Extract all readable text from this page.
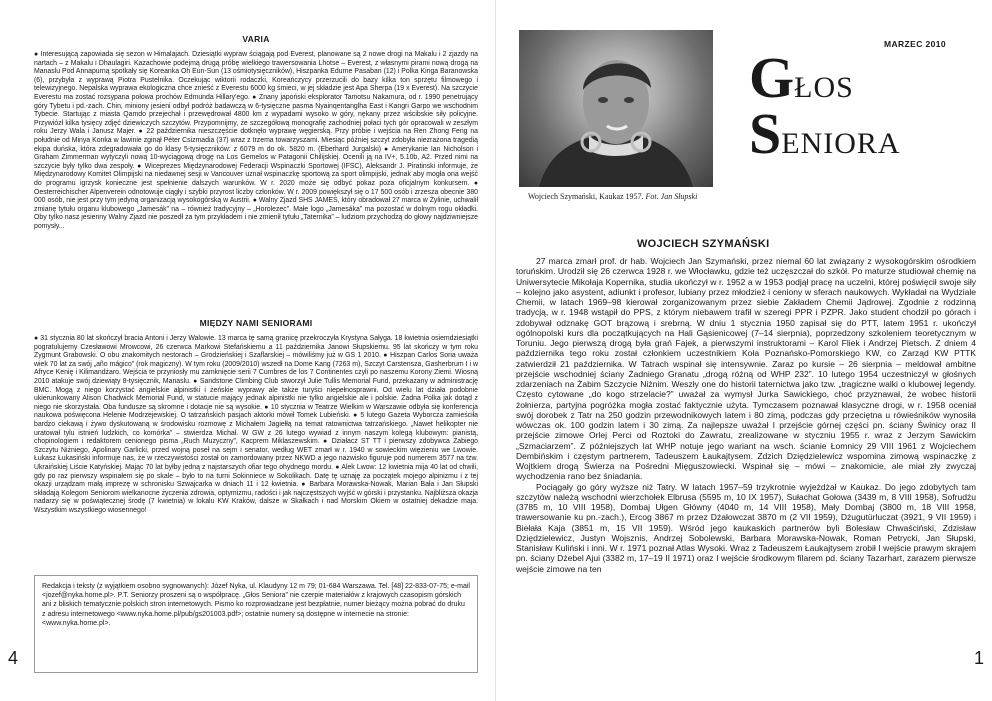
VARIA

● Interesującą zapowiada się sezon w Himalajach. Dziesiątki wypraw ściągają pod Everest, planowane są 2 nowe drogi na Makalu i 2 zjazdy na nartach – z Makalu i Dhaulagiri. Kazachowie podejmą drugą próbę wielkiego trawersowania Lhotse – Everest, z własnymi pirami nową drogą na Manaslu Pod Annapurną spotkały się Koreanka Oh Eun-Sun (13 ośmiotysięczników), Hiszpanka Edurne Pasaban (12) i Polka Kinga Baranowska (6), przybyła z wyprawą Piotra Pustelnika. Oczekując wiktorii rodaczki, Koreańczycy przerzucili do bazy kilka ton sprzętu filmowego i telewizyjnego. Nepalska wyprawa ekologiczna chce znieść z Everestu 6000 kg śmieci, w jej składzie jest Apa Sherpa (19 x Everest). Na szczycie Everestu ma zostać rozsypana połowa prochów Edmunda Hillary'ego. ● Znany japoński eksplorator Tamotsu Nakamura, od r. 1990 penetrujący góry Tybetu i pd.-zach. Chin, miniony jesieni odbył podróż badawczą w 6-tysięczne pasma Nyainqentanglha East i Kangri Garpo we wschodnim Tybecie. Startując z miasta Qamdo przejechał i przewędrował 4800 km z wypadami wysoko w góry, nękany przez wścibskie siły policyjne. Przywiózł kilka tysięcy zdjęć dziewiczych szczytów. Przypomnijmy, że szczegółową monografię zachodniej połaci tych gór opracowali w zeszłym roku Jerzy Wala i Janusz Majer. ● 22 października nieszczęście dotknęło wyprawę węgierską. Przy próbie i wejścia na Ren Zhong Feng na południe od Minya Konka w lawinie zginął Péter Csizmadia (37) wraz z trzema towarzyszami. Miesiąc później szczyt zdobyła niezrażona tragedią ekipa duńska, która zdegradowała go do klasy 5-tysięczników: z 6079 m do ok. 5820 m. (Eberhard Jurgalski) ● Amerykanie Ian Nicholson i Graham Zimmerman wytyczyli nową 10-wyciągową drogę na Los Gemelos w Patagonii Chilijskiej. Ocenili ją na IV+, 5.10b, A2. Przed nimi na szczycie były tylko dwa zespoły. ● Wiceprezes Międzynarodowej Federacji Wspinaczki Sportowej (IFSC), Aleksandr J. Piratinski informuje, że Międzynarodowy Komitet Olimpijski na niedawnej sesji w Vancouver uznał wspinaczkę sportową za sport olimpijski, jednak aby mogła ona wejść do programu igrzysk konieczne jest spełnienie dalszych warunków. W r. 2020 może się odbyć pokaz poza oficjalnym konkursem. ● Oesterreichischer Alpenverein odnotowuje ciągły i szybki przyrost liczby członków. W r. 2009 powiększył się o 17 500 osób i zrzesza obecnie 380 000 osób, nie jest przy tym jedyną organizacją wysokogórską w Austrii. ● Walny Zjazd SHS JAMES, który obradował 27 marca w Żylinie, uchwalił zmianę tytułu organu klubowego „Jamesák” na – również tradycyjny – „Horolezec”. Małe logo „Jamesáka” ma pozostać w dolnym rogu okładki. Oby tylko nasz jesienny Walny Zjazd nie poszedł za tym przykładem i nie zmienił tytułu „Taternika” – ludziom przychodzą do głowy najdziwniejsze pomysły...

MIĘDZY NAMI SENIORAMI

● 31 stycznia 80 lat skończył bracia Antoni i Jerzy Walowie. 13 marca tę samą granicę przekroczyła Krystyna Sałyga. 18 kwietnia osiemdziesiątki pogratulujemy Czesławowi Mrowcowi, 26 czerwca Markowi Stefańskiemu a 11 października Janowi Słupskiemu. 95 lat skończy w tym roku Zygmunt Grabowski. O obu znakomitych nestorach – Grodzieńskiej i Szaflarskiej – mówiliśmy już w GS 1 2010. ● Hiszpan Carlos Soria uważa wiek 70 lat za swój „año mágico” (rok magiczny). W tym roku (2009/2010) wszedł na Dome Kang (7263 m), Szczyt Carstensza, Gasherbrum I i w Afryce Kenię i Kilimandżaro. Wejścia te przyniosły mu zamknięcie serii 7 Cumbres de los 7 Continentes czyli po naszemu Korony Ziemi. Wiosną 2010 atakuje swój dziewiąty 8-tysięcznik, Manaslu. ● Sandstone Climbing Club stworzył Julie Tullis Memorial Fund, przekazany w administrację BMC. Mogą z niego korzystać angielskie alpinistki i żeńskie wyprawy ale także turyści niepełnosprawni. Od wielu lat działa podobnie ukierunkowany Alison Chadwick Memorial Fund, w statucie mający jednak alpinistki nie tylko angielskie ale i polskie. Żadna Polka jak dotąd z niego nie skorzystała. Oba fundusze są skromne i dotacje nie są wysokie. ● 10 stycznia w Teatrze Wielkim w Warszawie odbyła się konferencja naukowa poświęcona Helenie Modrzejewskiej. O tatrzańskich pasjach aktorki mówił Tomek Lubieński. ● 5 lutego Gazeta Wyborcza zamieściła bardzo ciekawą i żywo dyskutowaną w środowisku rozmowę z Michałem Jagiełłą na temat ratownictwa tatrzańskiego. „Nawet helikopter nie uratował tylu istnień ludzkich, co komórka” – stwierdza Michał. W GW z 26 lutego wywiad z innym naszym kolegą klubowym: pianistą, chopinologiem i redaktorem cenionego pisma „Ruch Muzyczny”, Kacprem Miklaszewskim. ● Działacz ST TT i pierwszy zdobywca Żabiego Szczytu Niżniego, Apolinary Garlicki, przed wojną poseł na sejm i senator, według WET zmarł w r. 1940 w sowieckim więzieniu we Lwowie. Łukasz Łukasiński informuje nas, że w rzeczywistości został on zamordowany przez NKWD a jego nazwisko figuruje pod numerem 3577 na tzw. Ukraińskiej Liście Katyńskiej. Mając 70 lat byłby jedną z najstarszych ofiar tego ohydnego mordu. ● Alek Lwow: 12 kwietnia mija 40 lat od chwili, gdy po raz pierwszy wspinałem się po skale – było to na turni Sokinniece w Sokolikach. Datę tę uznaję za początek mojego alpinizmu i z tej okazji urządzam małą imprezę w schronisku Szwajcarka w dniach 11 i 12 kwietnia. ● Barbara Morawska-Nowak, Marian Bała i Jan Słupski składają Kolegom Seniorom wielkanocne życzenia zdrowia, optymizmu, radości i jak najczęstszych wyjść w górski i przystanku. Najbliższa okazja nadarzy się w poświątecznej środę (7 kwietnia) w lokalu KW Kraków, dalsze w Skałkach i nad Morskim Okiem w ostatniej dekadzie maja. Wszystkim wszystkiego wiosennego!

Redakcja i teksty (z wyjątkiem osobno sygnowanych): Józef Nyka, ul. Klaudyny 12 m 79; 01-684 Warszawa. Tel. [48] 22-833-07-75; e-mail <jozef@nyka.home.pl>. P.T. Seniorzy proszeni są o współpracę. „Głos Seniora” nie czerpie materiałów z krajowych czasopism górskich ani z bliskich tematycznie polskich stron internetowych. Pismo ko rozprowadzane jest bezpłatnie, numer bieżący można pobrać do druku z adresu internetowego <www.nyka.home.pl/pub/gs201003.pdf>; ostatnie numery są dostępne w internecie na stronie: <www.nyka.home.pl>.

4
Wojciech Szymański, Kaukaz 1957. Fot. Jan Słupski
MARZEC 2010
GŁOS
SENIORA
WOJCIECH SZYMAŃSKI

27 marca zmarł prof. dr hab. Wojciech Jan Szymański, przez niemal 60 lat związany z wysokogórskim ośrodkiem toruńskim. Urodził się 26 czerwca 1928 r. we Włocławku, gdzie też uczęszczał do szkół. Po maturze studiował chemię na Uniwersytecie Mikołaja Kopernika, studia ukończył w r. 1952 a w 1953 podjął pracę na uczelni, której poświęcił swoje siły – kolejno jako asystent, adiunkt i profesor, lubiany przez młodzież i ceniony w sferach naukowych. Wykładał na Wydziale Chemii, w latach 1969–98 kierował zorganizowanym przez siebie Zakładem Chemii Jądrowej. Zgodnie z rodzinną tradycją, w r. 1948 wstąpił do PPS, z którym niebawem trafił w szeregi PPR i PZPR. Jako student chodził po górach i zdobywał odznakę GOT brązową i srebrną. W dniu 1 stycznia 1950 zapisał się do PTT, latem 1951 r. ukończył ogólnopolski kurs dla początkujących na Hali Gąsienicowej (7–14 sierpnia), poprzedzony szkoleniem teoretycznym w Toruniu. Jego pierwszą drogą była grań Fajek, a pierwszymi instruktorami – Karol Fliek i Andrzej Pietsch. Z dniem 4 października tego roku został członkiem uczestnikiem Koła Poznańsko-Pomorskiego KW, co Zarząd KW PTTK zatwierdził 21 października. W Tatrach wspinał się intensywnie. Zaraz po kursie – 26 sierpnia – meldował ambitne przejście wschodniej ściany Żadniego Granatu „drogą różną od WHP 232”. 10 lutego 1954 uczestniczył w głośnych zdarzeniach na Żabim Szczycie Niżnim. Weszły one do historii taternictwa jako tzw. „tragiczne walki o klubowej legendy. Często cytowane „do kogo strzelacie?” uważał za wymysł Jurka Sawickiego, choć przyznawał, że wobec historii żołnierza, partyjna pogróżka mogła zostać faktycznie użyta. Tymczasem poznawał klasyczne drogi, w r. 1958 oceniał swój dorobek z Tatr na 250 godzin przewodnikowych latem i 80 zimą, podczas gdy przeciętna u rówieśników wynosiła wówczas ok. 100 godzin latem i 30 zimą. Za najlepsze uważał I przejście górnej części pn. ściany Świnicy oraz II przejście zimowe Orlej Perci od Roztoki do Zawratu, zrealizowane w styczniu 1955 r. wraz z Jerzym Sawickim „Szmaciarzem”. Z późniejszych lat WHP notuje jego wariant na wsch. ścianie Łomnicy 29 VIII 1961 z Wojciechem Dembińskim i częstym partnerem, Tadeuszem Łaukajtysem. Zdzich Dziędzielewicz wspomina zimową wspinaczkę z Wojtkiem drogą Świerza na Pośredni Mięguszowiecki. Wspinał się – mówi – znakomicie, ale miał zły zwyczaj wychodzenia rano bez śniadania.

Pociągały go góry wyższe niż Tatry. W latach 1957–59 trzykrotnie wyjeżdżał w Kaukaz. Do jego zdobytych tam szczytów należą wschodni wierzchołek Elbrusa (5595 m, 10 IX 1957), Sułachat Gołowa (3439 m, 8 VIII 1958), Sofrudżu (3785 m, 10 VIII 1958), Dombaj Ułgen Główny (4040 m, 14 VIII 1958), Mały Dombaj (3800 m, 18 VIII 1958, trawersowanie ku pn.-zach.), Ercog 3867 m przez Dżałowczat 3870 m (2 VII 1959), Dżugutürluczat (3921, 9 VII 1959) i Biełała Kaja (3851 m, 15 VII 1959). Wśród jego kaukaskich partnerów byli Bolesław Chwaściński, Zdzisław Dziędzielewicz, Justyn Wojsznis, Andrzej Sobolewski, Barbara Morawska-Nowak, Roman Petrycki, Jan Słupski, Stanisław Kuliński i inni. W r. 1971 poznał Atlas Wysoki. Wraz z Tadeuszem Łaukajtysem zrobił I wejście prawym skrajem pn. ściany Dżebel Ajui (3382 m, 17–19 II 1971) oraz I wejście środkowym filarem pd. ściany Tazarhart, zarazem pierwsze wejście zimowe na ten

1
